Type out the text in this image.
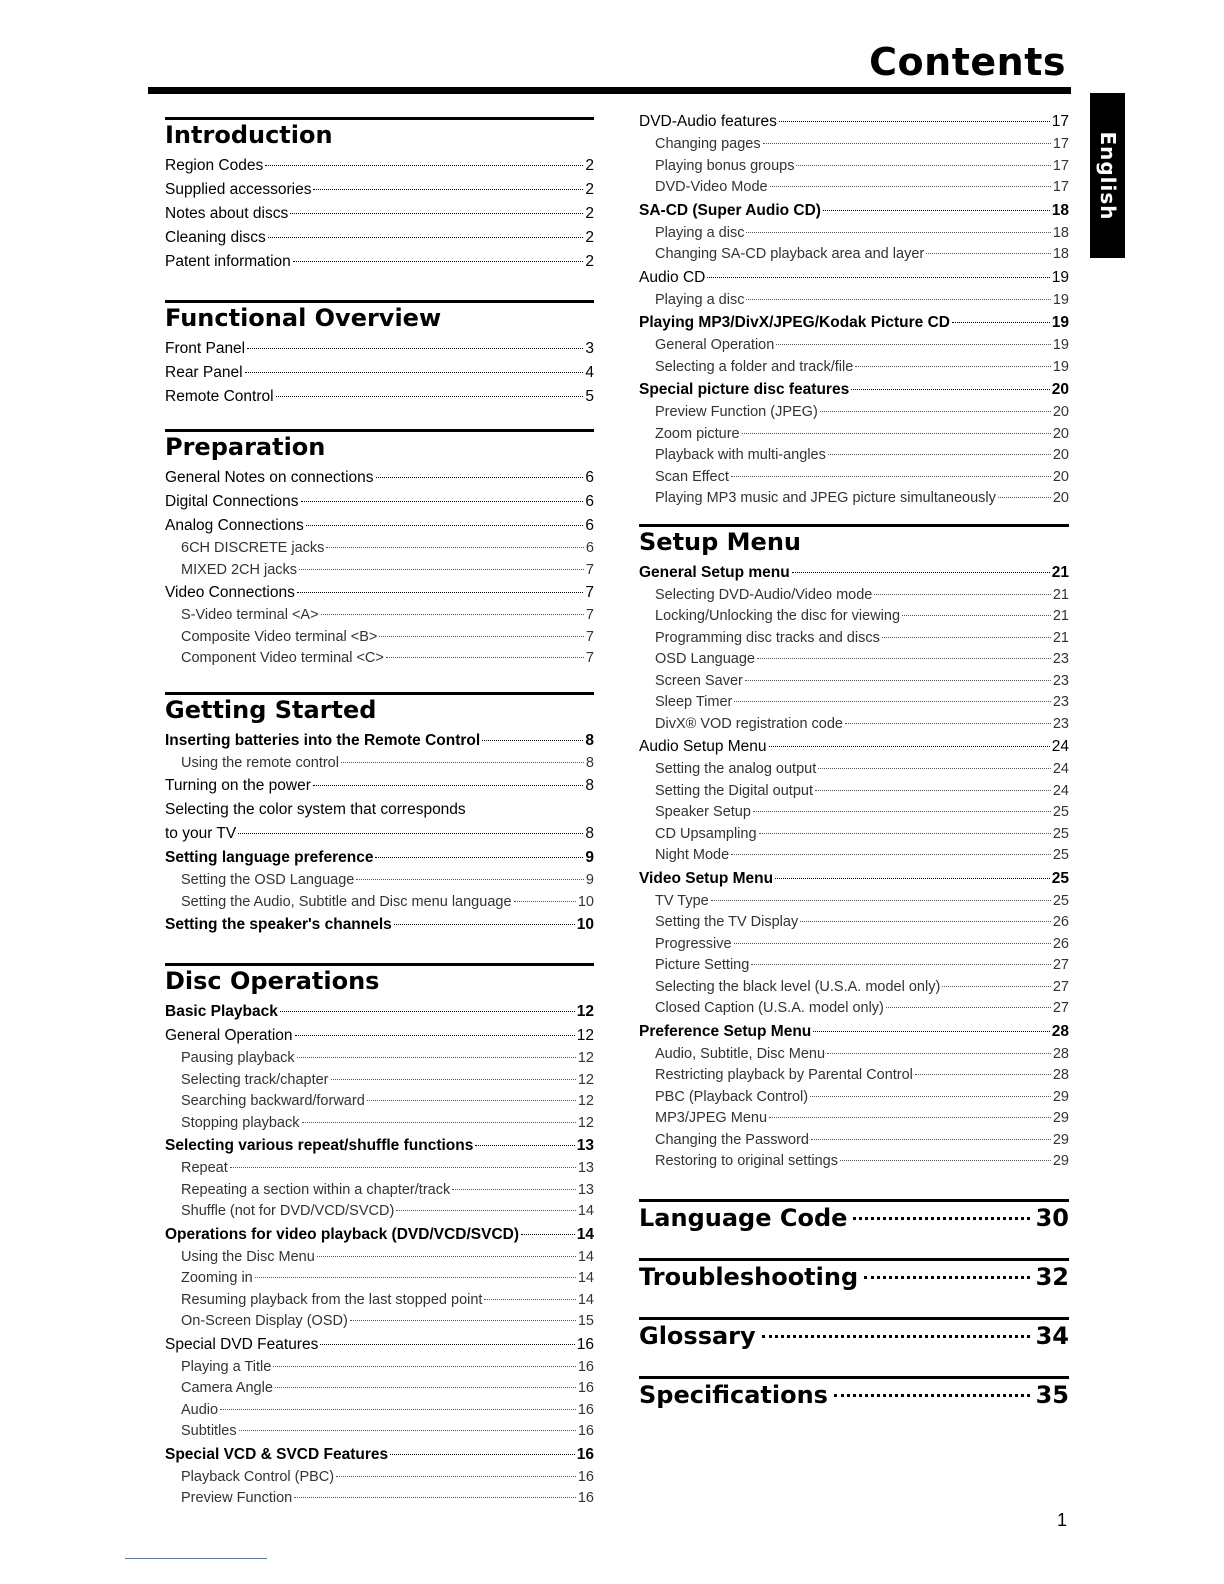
Contents
English
Introduction
Region Codes	2
Supplied accessories	2
Notes about discs	2
Cleaning discs	2
Patent information	2
Functional Overview
Front Panel	3
Rear Panel	4
Remote Control	5
Preparation
General Notes on connections	6
Digital Connections	6
Analog Connections	6
6CH DISCRETE jacks	6
MIXED 2CH jacks	7
Video Connections	7
S-Video terminal <A>	7
Composite Video terminal <B>	7
Component Video terminal <C>	7
Getting Started
Inserting batteries into the Remote Control	8
Using the remote control	8
Turning on the power	8
Selecting the color system that corresponds
to your TV	8
Setting language preference	9
Setting the OSD Language	9
Setting the Audio, Subtitle and Disc menu language	10
Setting the speaker's channels	10
Disc Operations
Basic Playback	12
General Operation	12
Pausing playback	12
Selecting track/chapter	12
Searching backward/forward	12
Stopping playback	12
Selecting various repeat/shuffle functions	13
Repeat	13
Repeating a section within a chapter/track	13
Shuffle (not for DVD/VCD/SVCD)	14
Operations for video playback (DVD/VCD/SVCD)	14
Using the Disc Menu	14
Zooming in	14
Resuming playback from the last stopped point	14
On-Screen Display (OSD)	15
Special DVD Features	16
Playing a Title	16
Camera Angle	16
Audio	16
Subtitles	16
Special VCD & SVCD Features	16
Playback Control (PBC)	16
Preview Function	16
DVD-Audio features	17
Changing pages	17
Playing bonus groups	17
DVD-Video Mode	17
SA-CD (Super Audio CD)	18
Playing a disc	18
Changing SA-CD playback area and layer	18
Audio CD	19
Playing a disc	19
Playing MP3/DivX/JPEG/Kodak Picture CD	19
General Operation	19
Selecting a folder and track/file	19
Special picture disc features	20
Preview Function (JPEG)	20
Zoom picture	20
Playback with multi-angles	20
Scan Effect	20
Playing MP3 music and JPEG picture simultaneously	20
Setup Menu
General Setup menu	21
Selecting DVD-Audio/Video mode	21
Locking/Unlocking the disc for viewing	21
Programming disc tracks and discs	21
OSD Language	23
Screen Saver	23
Sleep Timer	23
DivX® VOD registration code	23
Audio Setup Menu	24
Setting the analog output	24
Setting the Digital output	24
Speaker Setup	25
CD Upsampling	25
Night Mode	25
Video Setup Menu	25
TV Type	25
Setting the TV Display	26
Progressive	26
Picture Setting	27
Selecting the black level (U.S.A. model only)	27
Closed Caption (U.S.A. model only)	27
Preference Setup Menu	28
Audio, Subtitle, Disc Menu	28
Restricting playback by Parental Control	28
PBC (Playback Control)	29
MP3/JPEG Menu	29
Changing the Password	29
Restoring to original settings	29
Language Code	30
Troubleshooting	32
Glossary	34
Specifications	35
1
